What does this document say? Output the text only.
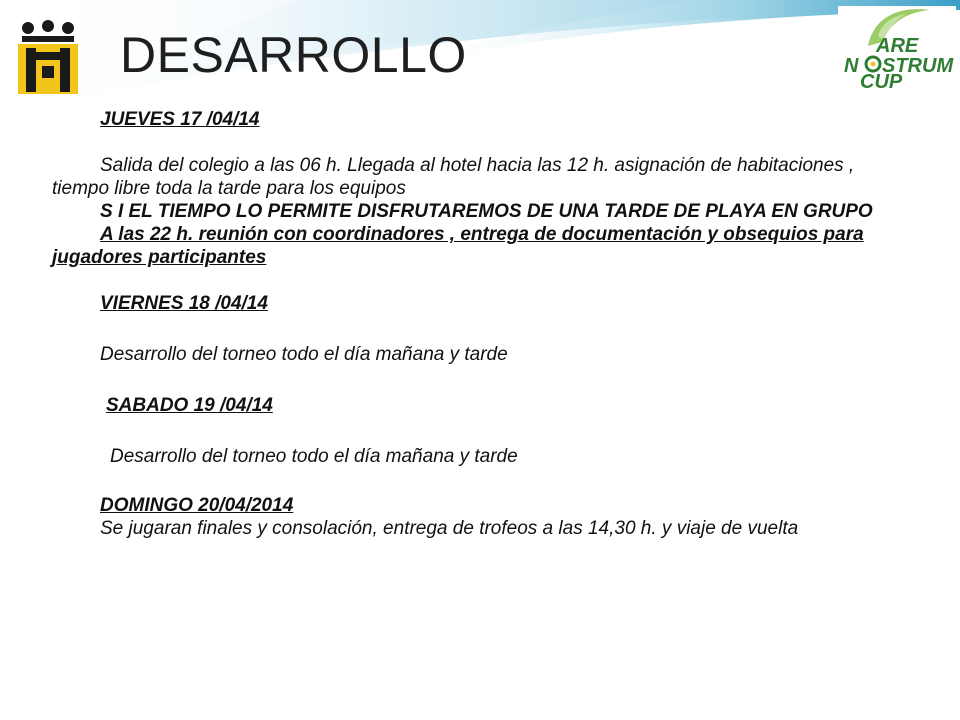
DESARROLLO	ARE
N STRUM
CUP

JUEVES 17 /04/14

Salida del colegio a las 06 h. Llegada al hotel hacia las 12 h. asignación de habitaciones , tiempo libre toda la tarde para los equipos

S I EL TIEMPO LO PERMITE DISFRUTAREMOS DE UNA TARDE DE PLAYA EN GRUPO

A las 22 h. reunión con coordinadores , entrega de documentación y obsequios para jugadores participantes

VIERNES 18 /04/14

Desarrollo del torneo todo el día mañana y tarde

SABADO 19 /04/14

Desarrollo del torneo todo el día mañana y tarde

DOMINGO 20/04/2014

Se jugaran finales y consolación, entrega de trofeos a las 14,30 h. y viaje de vuelta
